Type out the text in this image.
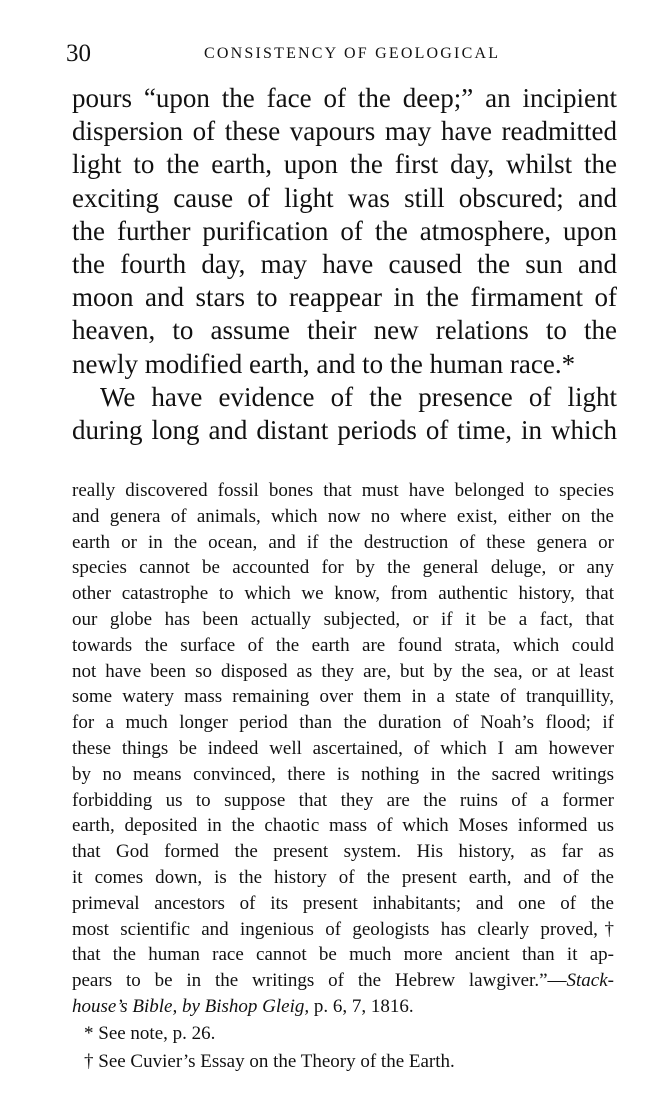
30	CONSISTENCY OF GEOLOGICAL
pours “upon the face of the deep;” an incipient
dispersion of these vapours may have readmitted
light to the earth, upon the first day, whilst the
exciting cause of light was still obscured; and
the further purification of the atmosphere, upon
the fourth day, may have caused the sun and
moon and stars to reappear in the firmament of
heaven, to assume their new relations to the
newly modified earth, and to the human race.*
We have evidence of the presence of light
during long and distant periods of time, in which
really discovered fossil bones that must have belonged to species
and genera of animals, which now no where exist, either on the
earth or in the ocean, and if the destruction of these genera or
species cannot be accounted for by the general deluge, or any
other catastrophe to which we know, from authentic history, that
our globe has been actually subjected, or if it be a fact, that
towards the surface of the earth are found strata, which could
not have been so disposed as they are, but by the sea, or at least
some watery mass remaining over them in a state of tranquillity,
for a much longer period than the duration of Noah’s flood; if
these things be indeed well ascertained, of which I am however
by no means convinced, there is nothing in the sacred writings
forbidding us to suppose that they are the ruins of a former
earth, deposited in the chaotic mass of which Moses informed us
that God formed the present system. His history, as far as
it comes down, is the history of the present earth, and of the
primeval ancestors of its present inhabitants; and one of the
most scientific and ingenious of geologists has clearly proved,†
that the human race cannot be much more ancient than it ap-
pears to be in the writings of the Hebrew lawgiver.”—Stack-
house’s Bible, by Bishop Gleig, p. 6, 7, 1816.
* See note, p. 26.
† See Cuvier’s Essay on the Theory of the Earth.
